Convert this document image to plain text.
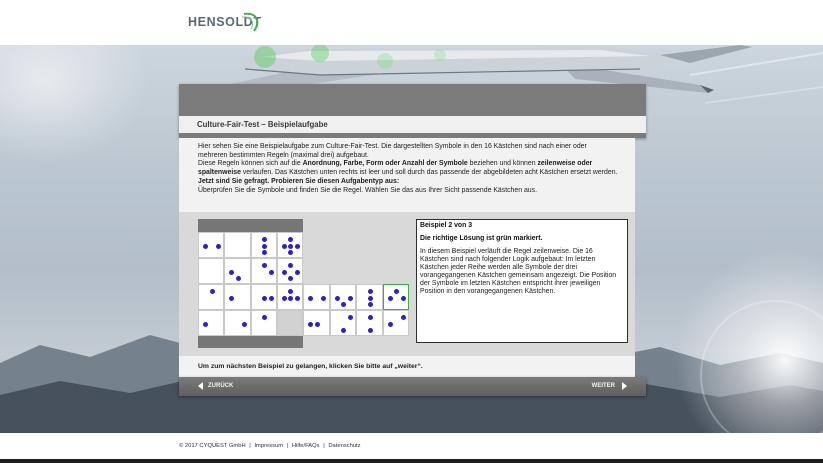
HENSOLDT
Culture-Fair-Test – Beispielaufgabe

Hier sehen Sie eine Beispielaufgabe zum Culture-Fair-Test. Die dargestellten Symbole in den 16 Kästchen sind nach einer oder mehreren bestimmten Regeln (maximal drei) aufgebaut.

Diese Regeln können sich auf die Anordnung, Farbe, Form oder Anzahl der Symbole beziehen und können zeilenweise oder spaltenweise verlaufen. Das Kästchen unten rechts ist leer und soll durch das passende der abgebildeten acht Kästchen ersetzt werden.

Jetzt sind Sie gefragt. Probieren Sie diesen Aufgabentyp aus:

Überprüfen Sie die Symbole und finden Sie die Regel. Wählen Sie das aus Ihrer Sicht passende Kästchen aus.

Beispiel 2 von 3
Die richtige Lösung ist grün markiert.
In diesem Beispiel verläuft die Regel zeilenweise. Die 16 Kästchen sind nach folgender Logik aufgebaut: Im letzten Kästchen jeder Reihe werden alle Symbole der drei vorangegangenen Kästchen gemeinsam angezeigt. Die Position der Symbole im letzten Kästchen entspricht ihrer jeweiligen Position in den vorangegangenen Kästchen.
Um zum nächsten Beispiel zu gelangen, klicken Sie bitte auf „weiter“.
ZURÜCK	WEITER
© 2017 CYQUEST GmbH | Impressum | Hilfe/FAQs | Datenschutz
